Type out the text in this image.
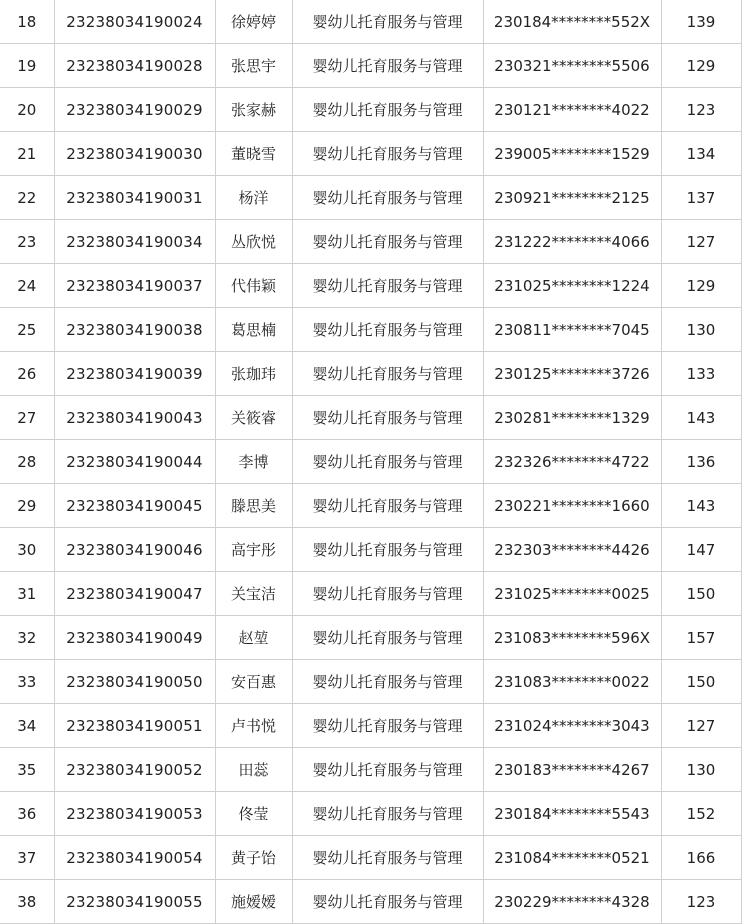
18	23238034190024	徐婷婷	婴幼儿托育服务与管理	230184********552X	139
19	23238034190028	张思宇	婴幼儿托育服务与管理	230321********5506	129
20	23238034190029	张家赫	婴幼儿托育服务与管理	230121********4022	123
21	23238034190030	董晓雪	婴幼儿托育服务与管理	239005********1529	134
22	23238034190031	杨洋	婴幼儿托育服务与管理	230921********2125	137
23	23238034190034	丛欣悦	婴幼儿托育服务与管理	231222********4066	127
24	23238034190037	代伟颖	婴幼儿托育服务与管理	231025********1224	129
25	23238034190038	葛思楠	婴幼儿托育服务与管理	230811********7045	130
26	23238034190039	张珈玮	婴幼儿托育服务与管理	230125********3726	133
27	23238034190043	关筱睿	婴幼儿托育服务与管理	230281********1329	143
28	23238034190044	李博	婴幼儿托育服务与管理	232326********4722	136
29	23238034190045	滕思美	婴幼儿托育服务与管理	230221********1660	143
30	23238034190046	高宇彤	婴幼儿托育服务与管理	232303********4426	147
31	23238034190047	关宝洁	婴幼儿托育服务与管理	231025********0025	150
32	23238034190049	赵堃	婴幼儿托育服务与管理	231083********596X	157
33	23238034190050	安百惠	婴幼儿托育服务与管理	231083********0022	150
34	23238034190051	卢书悦	婴幼儿托育服务与管理	231024********3043	127
35	23238034190052	田蕊	婴幼儿托育服务与管理	230183********4267	130
36	23238034190053	佟莹	婴幼儿托育服务与管理	230184********5543	152
37	23238034190054	黄子饴	婴幼儿托育服务与管理	231084********0521	166
38	23238034190055	施嫒嫒	婴幼儿托育服务与管理	230229********4328	123
